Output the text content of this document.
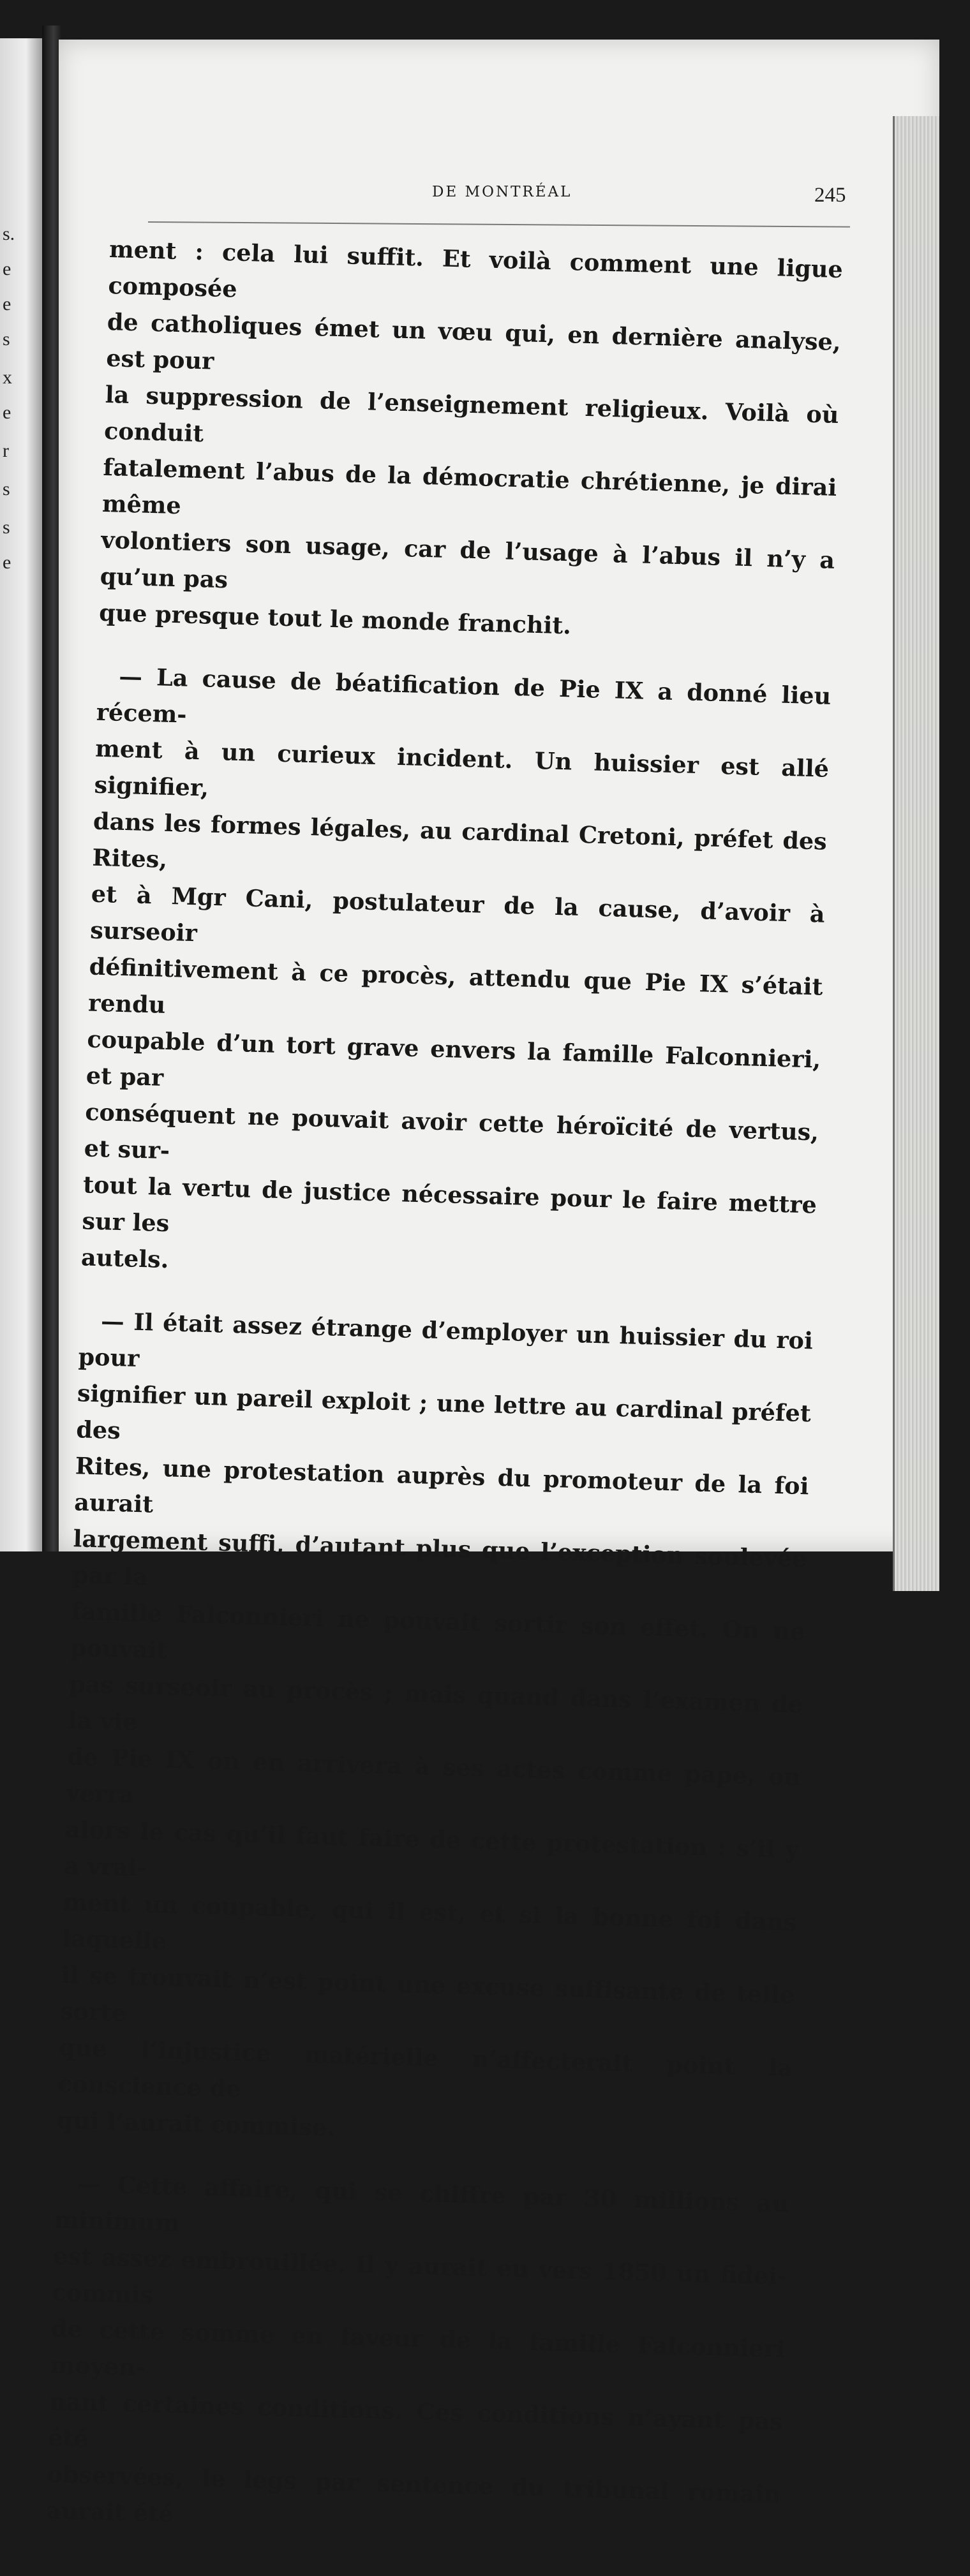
s.
e
e
s
x
e
r
s
s
e
DE MONTRÉAL	245

ment : cela lui suffit. Et voilà comment une ligue composée
de catholiques émet un vœu qui, en dernière analyse, est pour
la suppression de l’enseignement religieux. Voilà où conduit
fatalement l’abus de la démocratie chrétienne, je dirai même
volontiers son usage, car de l’usage à l’abus il n’y a qu’un pas
que presque tout le monde franchit.

— La cause de béatification de Pie IX a donné lieu récem-
ment à un curieux incident. Un huissier est allé signifier,
dans les formes légales, au cardinal Cretoni, préfet des Rites,
et à Mgr Cani, postulateur de la cause, d’avoir à surseoir
définitivement à ce procès, attendu que Pie IX s’était rendu
coupable d’un tort grave envers la famille Falconnieri, et par
conséquent ne pouvait avoir cette héroïcité de vertus, et sur-
tout la vertu de justice nécessaire pour le faire mettre sur les
autels.

— Il était assez étrange d’employer un huissier du roi pour
signifier un pareil exploit ; une lettre au cardinal préfet des
Rites, une protestation auprès du promoteur de la foi aurait
largement suffi, d’autant plus que l’exception soulevée par la
famille Falconnieri ne pouvait sortir son effet. On ne pouvait
pas surseoir au procès ; mais quand dans l’examen de la vie
de Pie IX on en arrivera à ses actes comme pape, on verra
alors le cas qu’il faut faire de cette protestation : s’il y a vrai-
ment un coupable, qui il est, et si la bonne foi dans laquelle
il se trouvait n’est point une excuse suffisante de telle sorte
que l’injustice matérielle n’affecterait point la conscience de
qui l’aurait commise.

— Cette affaire, qui se chiffre par 30 millions au minimum
est assez embrouillée. Il y aurait eu vers 1850 un fidei-commis
de cette somme en faveur de la famille Falconnieri moyen-
nant certaines conditions. Ces conditions n’ayant pas été
observées, le legs par sentence du tribunal romain aurait été
